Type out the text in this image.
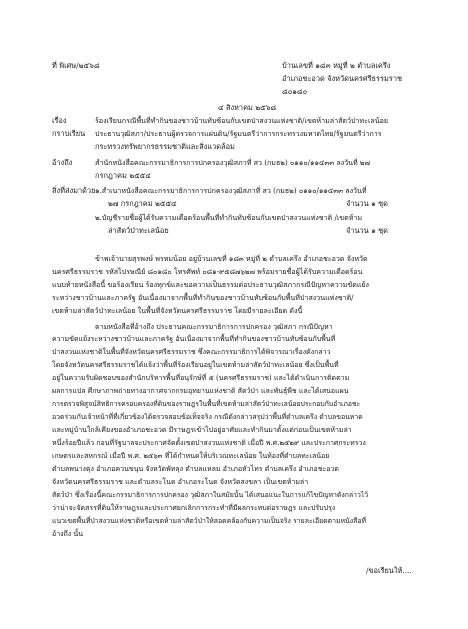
ที่ พิเศษ/๒๕๖๘	บ้านเลขที่ ๑๘๓ หมู่ที่ ๒ ตำบลเครึง
อำเภอชะอวด จังหวัดนครศรีธรรมราช
๘๐๑๘๐
๔ สิงหาคม ๒๕๖๘
เรื่อง	ร้องเรียนกรณีพื้นที่ทำกินของชาวบ้านทับซ้อนกับเขตป่าสงวนแห่งชาติ/เขตห้ามล่าสัตว์ป่าทะเลน้อย
กราบเรียน ประธานวุฒิสภา/ประธานผู้ตรวจการแผ่นดิน/รัฐมนตรีว่าการกระทรวงมหาดไทย/รัฐมนตรีว่าการ
กระทรวงทรัพยากรธรรมชาติและสิ่งแวดล้อม
อ้างถึง	สำนักหนังสือคณะกรรมาธิการการปกครองวุฒิสภาที่ สว (กมธ๒) ๐๑๑๐/๑๑๔๓๓ ลงวันที่ ๒๗
กรกฎาคม ๒๕๕๔
สิ่งที่ส่งมาด้วย ๑.สำเนาหนังสือคณะกรรมาธิการการปกครองวุฒิสภาที่ สว (กมธ๒) ๐๑๑๐/๑๑๔๓๓ ลงวันที่
๒๗ กรกฎาคม ๒๕๕๔	จำนวน ๑ ชุด
๒.บัญชีรายชื่อผู้ได้รับความเดือดร้อนพื้นที่ทำกินทับซ้อนกับเขตป่าสงวนแห่งชาติ /เขตห้าม
ล่าสัตว์ป่าทะเลน้อย	จำนวน ๑ ชุด
ข้าพเจ้านายสุรพงษ์ พรหมน้อย อยู่บ้านเลขที่ ๑๘๓ หมู่ที่ ๒ ตำบลเครึง อำเภอชะอวด จังหวัด
นครศรีธรรมราช รหัสไปรษณีย์ ๘๐๑๘๐ โทรศัพท์ ๐๘๑-๙๕๘๗๖๒๗ พร้อมรายชื่อผู้ได้รับความเดือดร้อน
แนบท้ายหนังสือนี้ ขอร้องเรียน ร้องทุกข์และขอความเป็นธรรมต่อประธานวุฒิสภากรณีปัญหาความขัดแย้ง
ระหว่างชาวบ้านและภาครัฐ อันเนื่องมาจากพื้นที่ทำกินของชาวบ้านทับซ้อนกับพื้นที่ป่าสงวนแห่งชาติ/
เขตห้ามล่าสัตว์ป่าทะเลน้อย ในพื้นที่จังหวัดนครศรีธรรมราช โดยมีรายละเอียด ดังนี้
ตามหนังสือที่อ้างถึง ประธานคณะกรรมาธิการการปกครอง วุฒิสภา กรณีปัญหา
ความขัดแย้งระหว่างชาวบ้านและภาครัฐ อันเนื่องมาจากพื้นที่ทำกินของชาวบ้านทับซ้อนกับพื้นที่
ป่าสงวนแห่งชาติในพื้นที่จังหวัดนครศรีธรรมราช ซึ่งคณะกรรมาธิการได้พิจารณาเรื่องดังกล่าว
โดยจังหวัดนครศรีธรรมราชได้แจ้งว่าพื้นที่ร้องเรียนอยู่ในเขตห้ามล่าสัตว์ป่าทะเลน้อย ซึ่งเป็นพื้นที่
อยู่ในความรับผิดชอบของสำนักบริหารพื้นที่อนุรักษ์ที่ ๕ (นครศรีธรรมราช) และได้ดำเนินการติดตาม
ผลการแปล ศึกษาภาพถ่ายทางอากาศจากกรมอุทยานแห่งชาติ สัตว์ป่า และพันธุ์พืช และได้เสนอแผน
การตรวจพิสูจน์สิทธิการครอบครองที่ดินของราษฎรในพื้นที่เขตห้ามล่าสัตว์ป่าทะเลน้อยประกอบกับอำเภอชะ
อวดร่วมกับเจ้าหน้าที่ที่เกี่ยวข้องได้ตรวจสอบข้อเท็จจริง กรณีดังกล่าวสรุปว่าพื้นที่ตำบลเครึง ตำบลขอนหาด
และหมู่บ้านใกล้เคียงของอำเภอชะอวด มีราษฎรเข้าไปอยู่อาศัยและทำกินมาตั้งแต่ก่อนเป็นเขตห้ามล่า
หนึ่งร้อยปีแล้ว ก่อนที่รัฐบาลจะประกาศจัดตั้งเขตป่าสงวนแห่งชาติ เมื่อปี พ.ศ.๒๕๒๙ และประกาศกระทรวง
เกษตรและสหกรณ์ เมื่อปี พ.ศ. ๒๕๖๓ ที่ได้กำหนดให้บริเวณทะเลน้อย ในท้องที่ตำบลทะเลน้อย
ตำบลพนางตุง อำเภอควนขนุน จังหวัดพัทลุง ตำบลแหลม อำเภอหัวไทร ตำบลเครึง อำเภอชะอวด
จังหวัดนครศรีธรรมราช และตำบลระโนด อำเภอระโนด จังหวัดสงขลา เป็นเขตห้ามล่า
สัตว์ป่า ซึ่งเรื่องนี้คณะกรรมาธิการการปกครอง วุฒิสภาในสมัยนั้น ได้เสนอแนะในการแก้ไขปัญหาดังกล่าวไว้
ว่าน่าจะจัดสรรที่ดินให้ราษฎรและประกาศยกเลิกการกระทำที่มีผลกระทบต่อราษฎร และปรับปรุง
แนวเขตพื้นที่ป่าสงวนแห่งชาติหรือเขตห้ามล่าสัตว์ป่าให้สอดคล้องกับความเป็นจริง รายละเอียดตามหนังสือที่
อ้างถึง นั้น
/ขอเรียนให้....
